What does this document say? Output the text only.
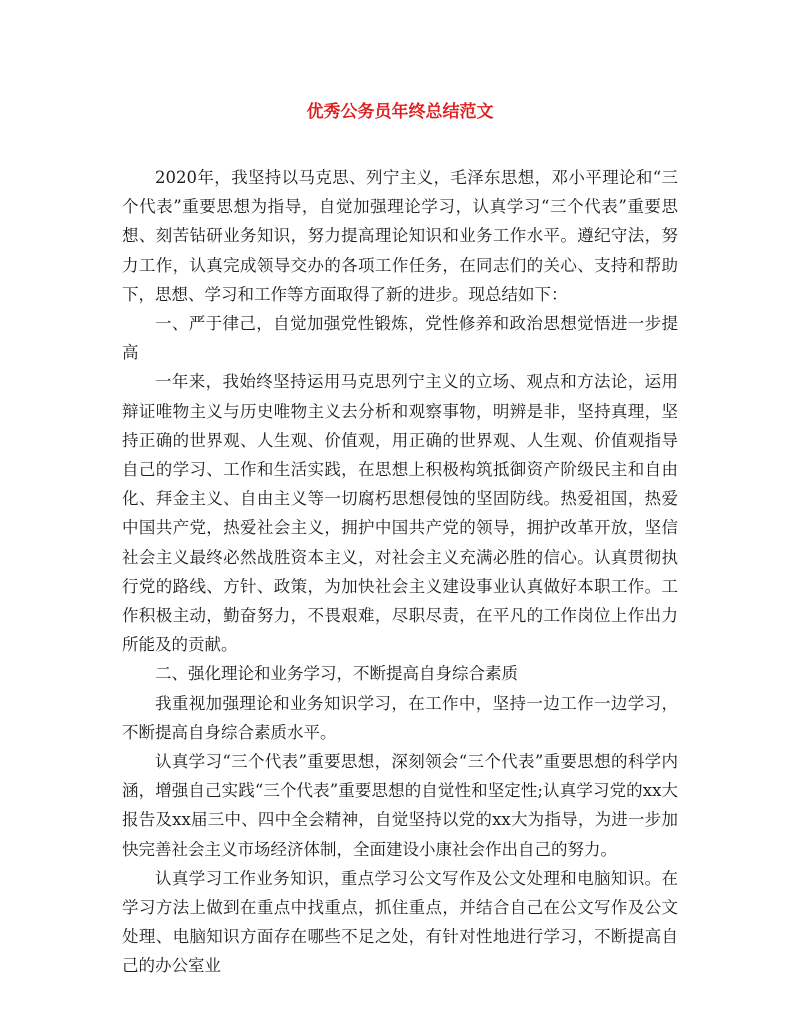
优秀公务员年终总结范文

2020年，我坚持以马克思、列宁主义，毛泽东思想，邓小平理论和“三个代表”重要思想为指导，自觉加强理论学习，认真学习“三个代表”重要思想、刻苦钻研业务知识，努力提高理论知识和业务工作水平。遵纪守法，努力工作，认真完成领导交办的各项工作任务，在同志们的关心、支持和帮助下，思想、学习和工作等方面取得了新的进步。现总结如下：

一、严于律己，自觉加强党性锻炼，党性修养和政治思想觉悟进一步提高

一年来，我始终坚持运用马克思列宁主义的立场、观点和方法论，运用辩证唯物主义与历史唯物主义去分析和观察事物，明辨是非，坚持真理，坚持正确的世界观、人生观、价值观，用正确的世界观、人生观、价值观指导自己的学习、工作和生活实践，在思想上积极构筑抵御资产阶级民主和自由化、拜金主义、自由主义等一切腐朽思想侵蚀的坚固防线。热爱祖国，热爱中国共产党，热爱社会主义，拥护中国共产党的领导，拥护改革开放，坚信社会主义最终必然战胜资本主义，对社会主义充满必胜的信心。认真贯彻执行党的路线、方针、政策，为加快社会主义建设事业认真做好本职工作。工作积极主动，勤奋努力，不畏艰难，尽职尽责，在平凡的工作岗位上作出力所能及的贡献。

二、强化理论和业务学习，不断提高自身综合素质

我重视加强理论和业务知识学习，在工作中，坚持一边工作一边学习，不断提高自身综合素质水平。

认真学习“三个代表”重要思想，深刻领会“三个代表”重要思想的科学内涵，增强自己实践“三个代表”重要思想的自觉性和坚定性;认真学习党的xx大报告及xx届三中、四中全会精神，自觉坚持以党的xx大为指导，为进一步加快完善社会主义市场经济体制，全面建设小康社会作出自己的努力。

认真学习工作业务知识，重点学习公文写作及公文处理和电脑知识。在学习方法上做到在重点中找重点，抓住重点，并结合自己在公文写作及公文处理、电脑知识方面存在哪些不足之处，有针对性地进行学习，不断提高自己的办公室业
